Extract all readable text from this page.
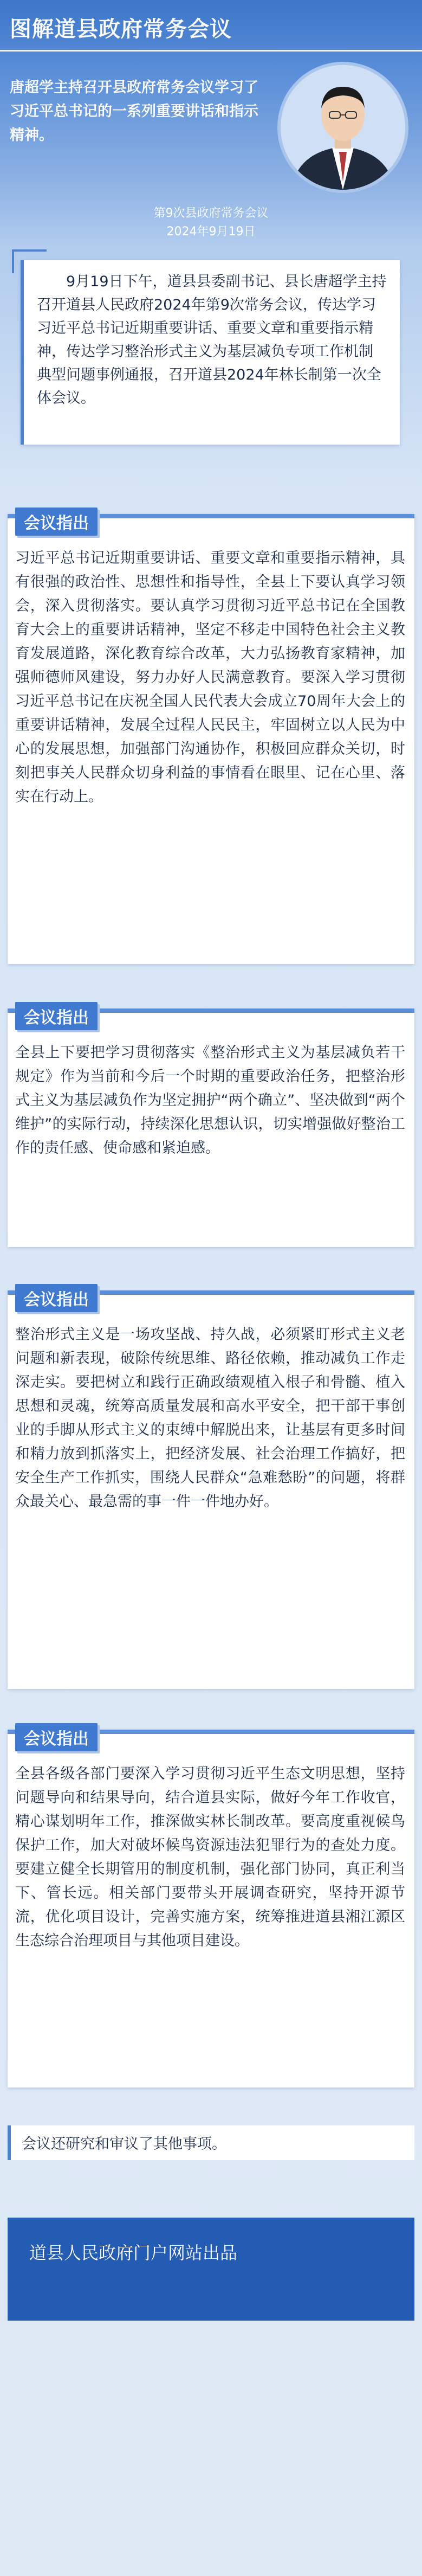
图解道县政府常务会议
唐超学主持召开县政府常务会议学习了习近平总书记的一系列重要讲话和指示精神。
第9次县政府常务会议
2024年9月19日
9月19日下午，道县县委副书记、县长唐超学主持召开道县人民政府2024年第9次常务会议，传达学习习近平总书记近期重要讲话、重要文章和重要指示精神，传达学习整治形式主义为基层减负专项工作机制典型问题事例通报，召开道县2024年林长制第一次全体会议。
会议指出
习近平总书记近期重要讲话、重要文章和重要指示精神，具有很强的政治性、思想性和指导性，全县上下要认真学习领会，深入贯彻落实。要认真学习贯彻习近平总书记在全国教育大会上的重要讲话精神，坚定不移走中国特色社会主义教育发展道路，深化教育综合改革，大力弘扬教育家精神，加强师德师风建设，努力办好人民满意教育。要深入学习贯彻习近平总书记在庆祝全国人民代表大会成立70周年大会上的重要讲话精神，发展全过程人民民主，牢固树立以人民为中心的发展思想，加强部门沟通协作，积极回应群众关切，时刻把事关人民群众切身利益的事情看在眼里、记在心里、落实在行动上。
会议指出
全县上下要把学习贯彻落实《整治形式主义为基层减负若干规定》作为当前和今后一个时期的重要政治任务，把整治形式主义为基层减负作为坚定拥护“两个确立”、坚决做到“两个维护”的实际行动，持续深化思想认识，切实增强做好整治工作的责任感、使命感和紧迫感。
会议指出
整治形式主义是一场攻坚战、持久战，必须紧盯形式主义老问题和新表现，破除传统思维、路径依赖，推动减负工作走深走实。要把树立和践行正确政绩观植入根子和骨髓、植入思想和灵魂，统筹高质量发展和高水平安全，把干部干事创业的手脚从形式主义的束缚中解脱出来，让基层有更多时间和精力放到抓落实上，把经济发展、社会治理工作搞好，把安全生产工作抓实，围绕人民群众“急难愁盼”的问题，将群众最关心、最急需的事一件一件地办好。
会议指出
全县各级各部门要深入学习贯彻习近平生态文明思想，坚持问题导向和结果导向，结合道县实际，做好今年工作收官，精心谋划明年工作，推深做实林长制改革。要高度重视候鸟保护工作，加大对破坏候鸟资源违法犯罪行为的查处力度。要建立健全长期管用的制度机制，强化部门协同，真正利当下、管长远。相关部门要带头开展调查研究，坚持开源节流，优化项目设计，完善实施方案，统筹推进道县湘江源区生态综合治理项目与其他项目建设。
会议还研究和审议了其他事项。
道县人民政府门户网站出品
